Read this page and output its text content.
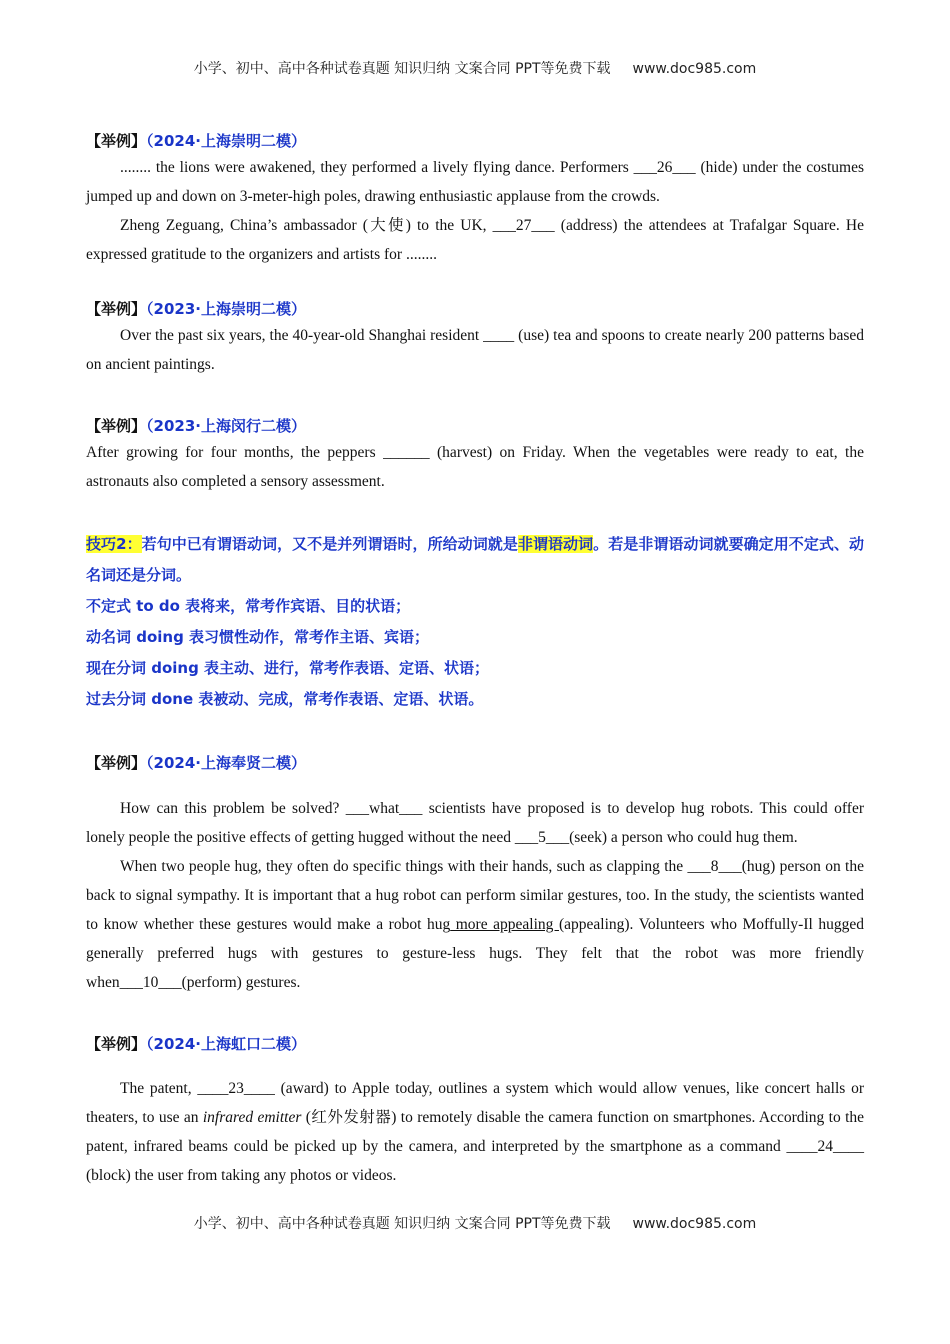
小学、初中、高中各种试卷真题 知识归纳 文案合同 PPT等免费下载 www.doc985.com
【举例】（2024·上海崇明二模）

........ the lions were awakened, they performed a lively flying dance. Performers ___26___ (hide) under the costumes jumped up and down on 3-meter-high poles, drawing enthusiastic applause from the crowds.

Zheng Zeguang, China’s ambassador (大使) to the UK, ___27___ (address) the attendees at Trafalgar Square. He expressed gratitude to the organizers and artists for ........

【举例】（2023·上海崇明二模）

Over the past six years, the 40-year-old Shanghai resident ____ (use) tea and spoons to create nearly 200 patterns based on ancient paintings.

【举例】（2023·上海闵行二模）

After growing for four months, the peppers ______ (harvest) on Friday. When the vegetables were ready to eat, the astronauts also completed a sensory assessment.

技巧2：若句中已有谓语动词，又不是并列谓语时，所给动词就是非谓语动词。若是非谓语动词就要确定用不定式、动名词还是分词。

不定式 to do 表将来，常考作宾语、目的状语；

动名词 doing 表习惯性动作，常考作主语、宾语；

现在分词 doing 表主动、进行，常考作表语、定语、状语；

过去分词 done 表被动、完成，常考作表语、定语、状语。

【举例】（2024·上海奉贤二模）

How can this problem be solved? ___what___ scientists have proposed is to develop hug robots. This could offer lonely people the positive effects of getting hugged without the need ___5___(seek) a person who could hug them.

When two people hug, they often do specific things with their hands, such as clapping the ___8___(hug) person on the back to signal sympathy. It is important that a hug robot can perform similar gestures, too. In the study, the scientists wanted to know whether these gestures would make a robot hug more appealing (appealing). Volunteers who Moffully-Il hugged generally preferred hugs with gestures to gesture-less hugs. They felt that the robot was more friendly when___10___(perform) gestures.

【举例】（2024·上海虹口二模）

The patent, ____23____ (award) to Apple today, outlines a system which would allow venues, like concert halls or theaters, to use an infrared emitter (红外发射器) to remotely disable the camera function on smartphones. According to the patent, infrared beams could be picked up by the camera, and interpreted by the smartphone as a command ____24____ (block) the user from taking any photos or videos.

小学、初中、高中各种试卷真题 知识归纳 文案合同 PPT等免费下载 www.doc985.com
